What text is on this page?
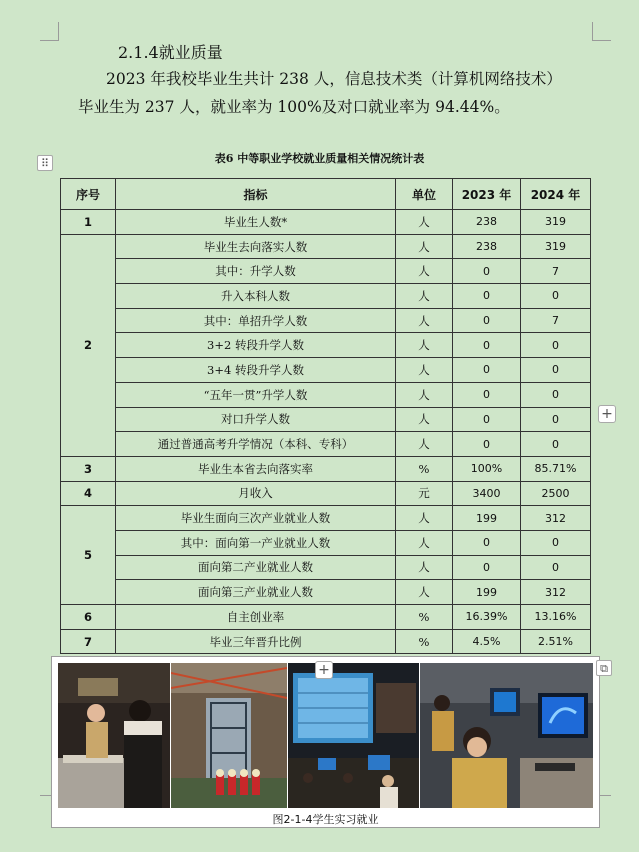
2.1.4就业质量
2023 年我校毕业生共计 238 人，信息技术类（计算机网络技术）
毕业生为 237 人，就业率为 100%及对口就业率为 94.44%。
⠿	表6 中等职业学校就业质量相关情况统计表
序号	指标	单位	2023 年	2024 年
1	毕业生人数*	人	238	319
2	毕业生去向落实人数	人	238	319
	其中：升学人数	人	0	7
	升入本科人数	人	0	0
	其中：单招升学人数	人	0	7
	3+2 转段升学人数	人	0	0
	3+4 转段升学人数	人	0	0
	“五年一贯”升学人数	人	0	0
	对口升学人数	人	0	0
	通过普通高考升学情况（本科、专科）	人	0	0
3	毕业生本省去向落实率	%	100%	85.71%
4	月收入	元	3400	2500
5	毕业生面向三次产业就业人数	人	199	312
	其中：面向第一产业就业人数	人	0	0
	面向第二产业就业人数	人	0	0
	面向第三产业就业人数	人	199	312
6	自主创业率	%	16.39%	13.16%
7	毕业三年晋升比例	%	4.5%	2.51%
+
图2-1-4学生实习就业
+	⧉
